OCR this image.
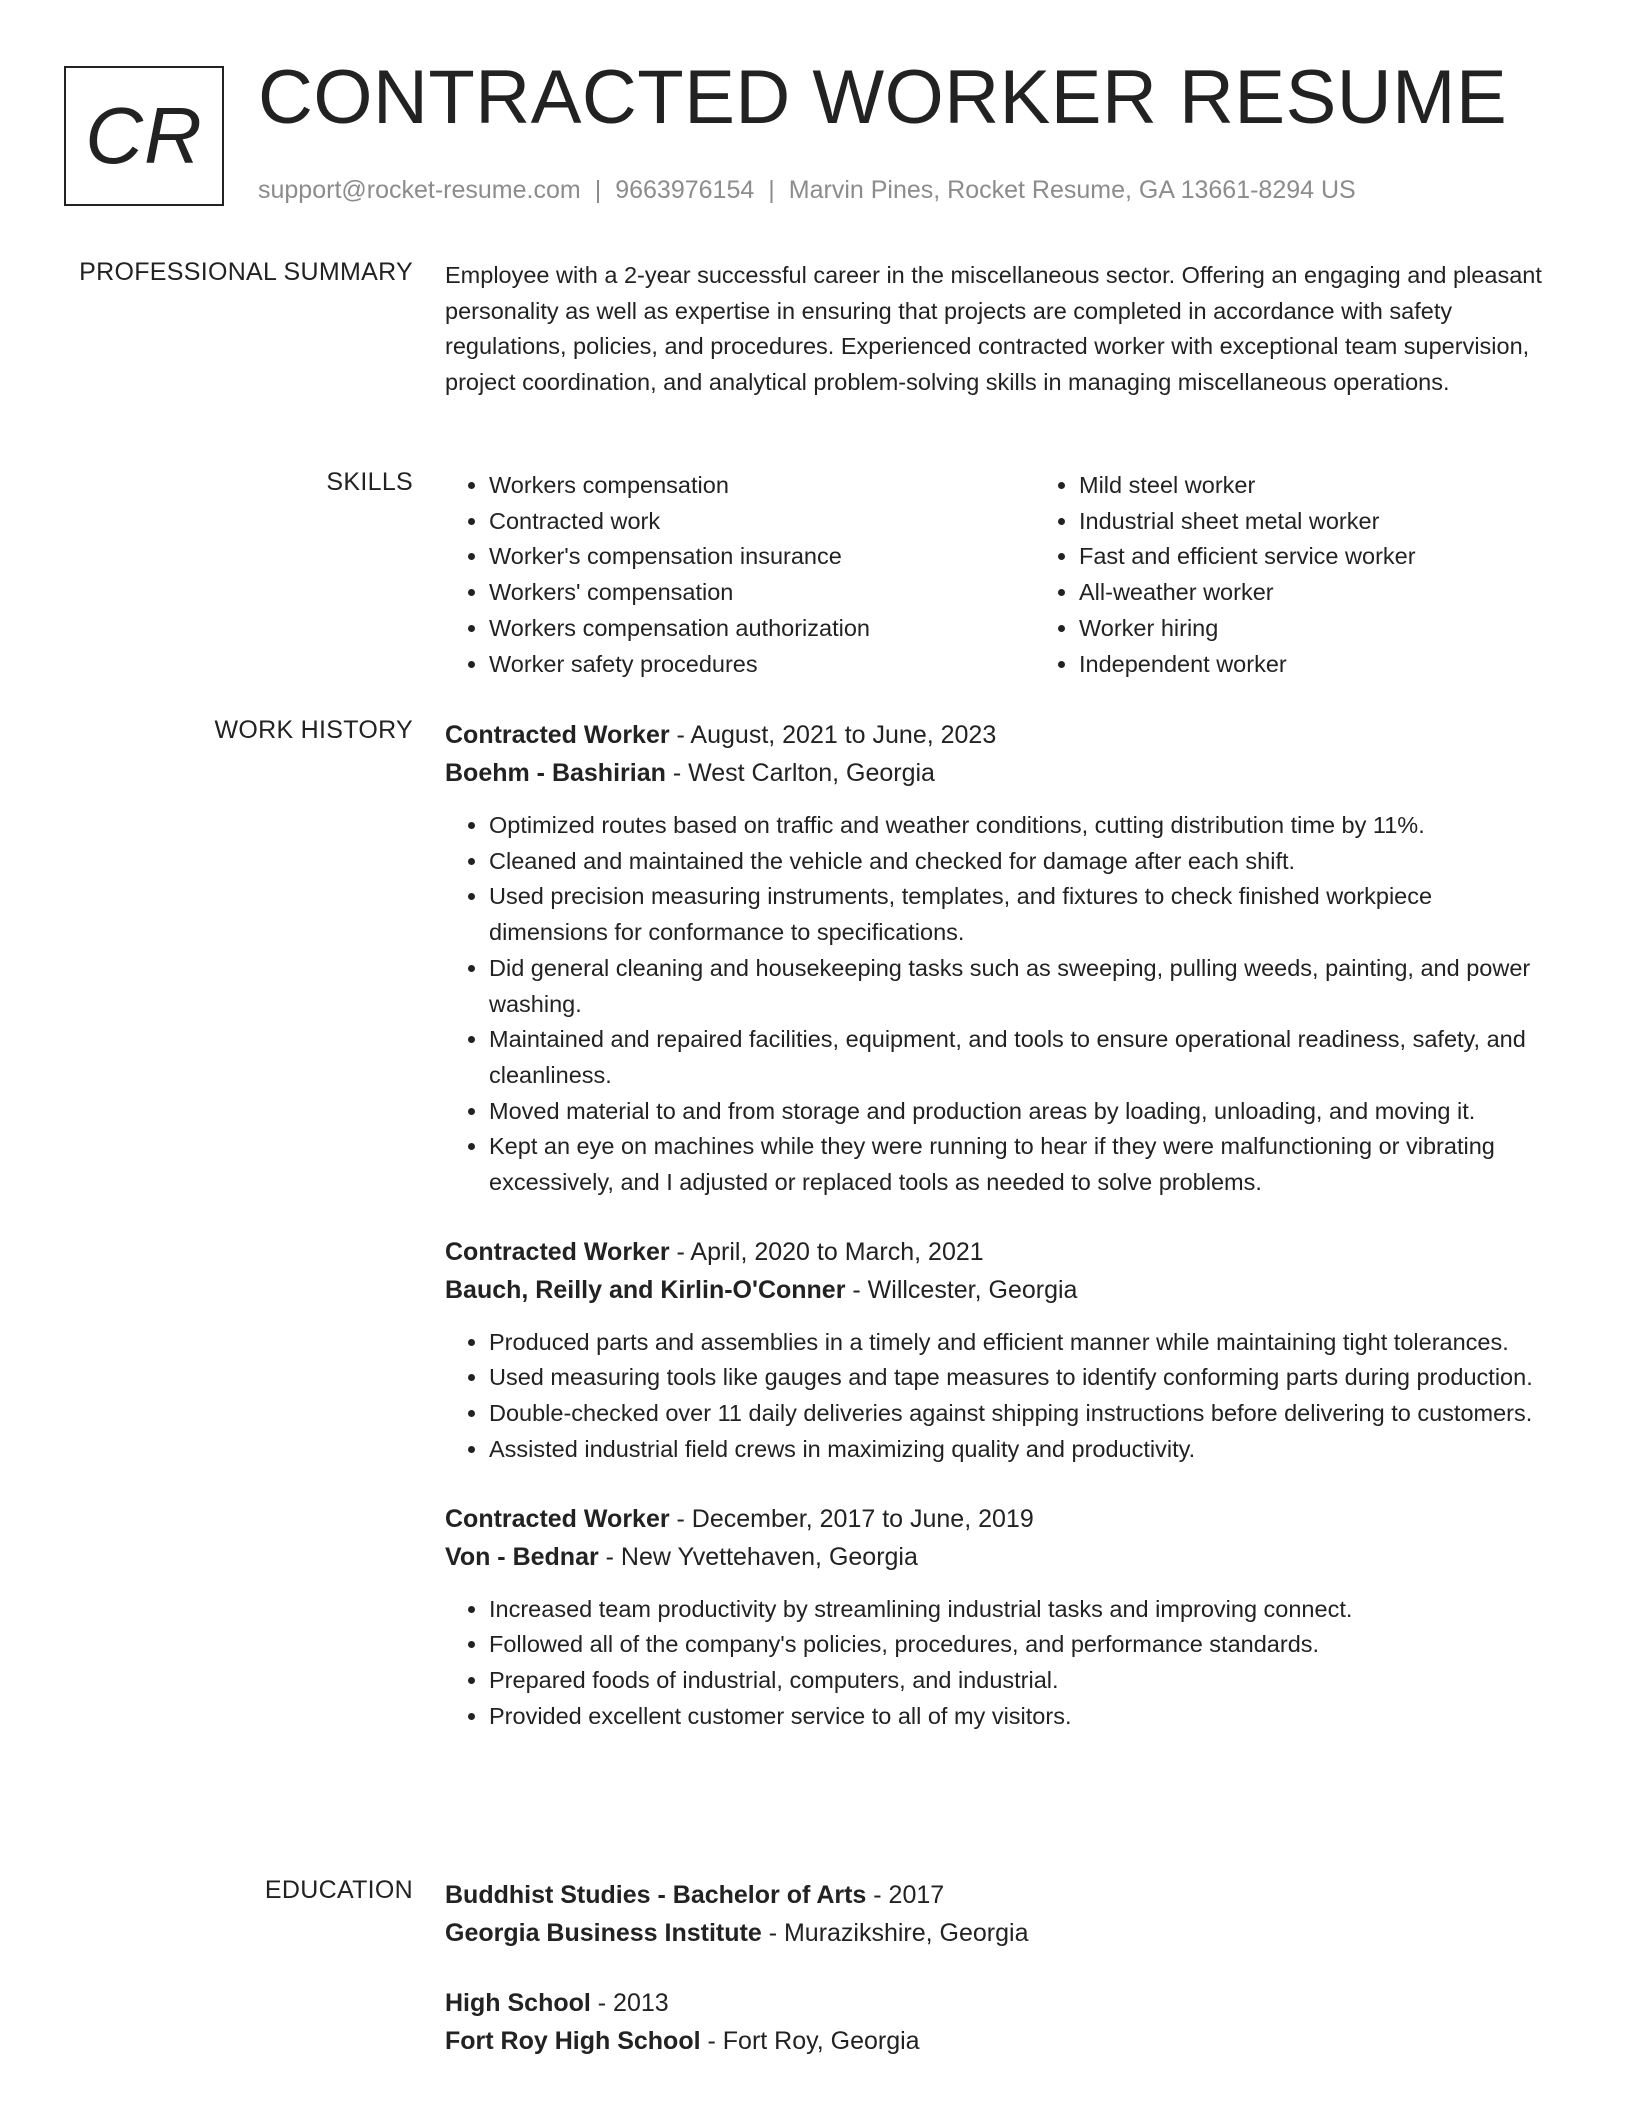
CR CONTRACTED WORKER RESUME
support@rocket-resume.com | 9663976154 | Marvin Pines, Rocket Resume, GA 13661-8294 US
PROFESSIONAL SUMMARY Employee with a 2-year successful career in the miscellaneous sector. Offering an engaging and pleasant personality as well as expertise in ensuring that projects are completed in accordance with safety regulations, policies, and procedures. Experienced contracted worker with exceptional team supervision, project coordination, and analytical problem-solving skills in managing miscellaneous operations.
SKILLS
•	Workers compensation
• Contracted work
• Worker's compensation insurance
• Workers' compensation
• Workers compensation authorization
• Worker safety procedures
• Mild steel worker
• Industrial sheet metal worker
• Fast and efficient service worker
• All-weather worker
• Worker hiring
• Independent worker
WORK HISTORY Contracted Worker - August, 2021 to June, 2023
Boehm - Bashirian - West Carlton, Georgia
• Optimized routes based on traffic and weather conditions, cutting distribution time by 11%.
• Cleaned and maintained the vehicle and checked for damage after each shift.
• Used precision measuring instruments, templates, and fixtures to check finished workpiece dimensions for conformance to specifications.
• Did general cleaning and housekeeping tasks such as sweeping, pulling weeds, painting, and power washing.
• Maintained and repaired facilities, equipment, and tools to ensure operational readiness, safety, and cleanliness.
• Moved material to and from storage and production areas by loading, unloading, and moving it.
• Kept an eye on machines while they were running to hear if they were malfunctioning or vibrating excessively, and I adjusted or replaced tools as needed to solve problems.
Contracted Worker - April, 2020 to March, 2021
Bauch, Reilly and Kirlin-O'Conner - Willcester, Georgia
• Produced parts and assemblies in a timely and efficient manner while maintaining tight tolerances.
• Used measuring tools like gauges and tape measures to identify conforming parts during production.
• Double-checked over 11 daily deliveries against shipping instructions before delivering to customers.
• Assisted industrial field crews in maximizing quality and productivity.
Contracted Worker - December, 2017 to June, 2019
Von - Bednar - New Yvettehaven, Georgia
• Increased team productivity by streamlining industrial tasks and improving connect.
• Followed all of the company's policies, procedures, and performance standards.
• Prepared foods of industrial, computers, and industrial.
• Provided excellent customer service to all of my visitors.
EDUCATION Buddhist Studies - Bachelor of Arts - 2017
Georgia Business Institute - Murazikshire, Georgia
High School - 2013
Fort Roy High School - Fort Roy, Georgia
